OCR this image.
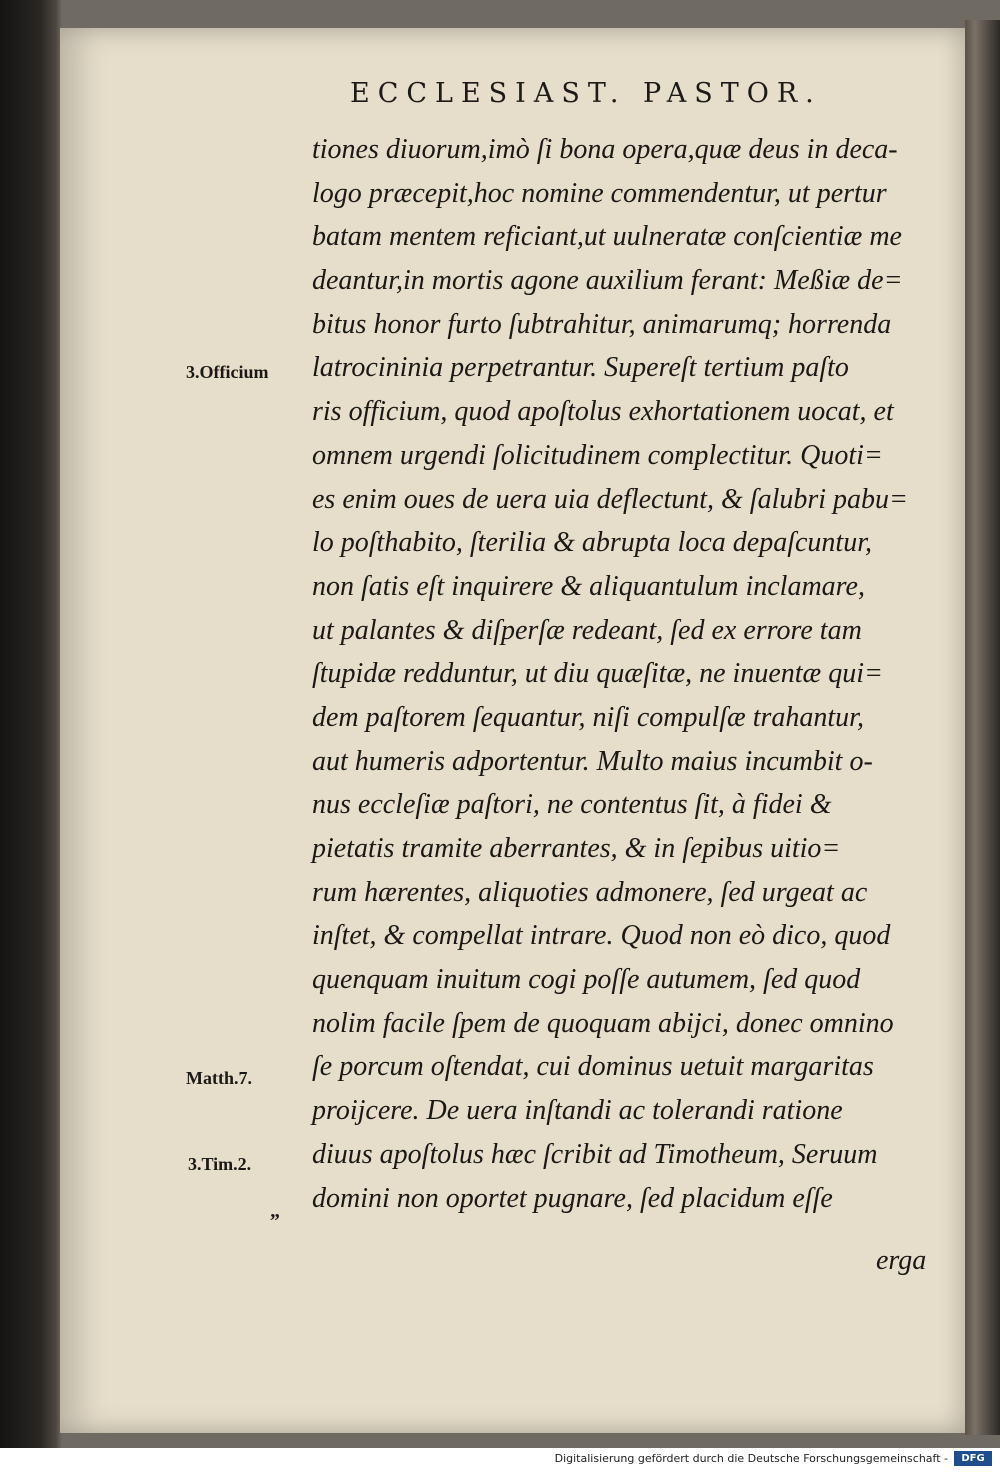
ECCLESIAST. PASTOR.
tiones diuorum,imò ſi bona opera,quæ deus in deca-
logo præcepit,hoc nomine commendentur, ut pertur
batam mentem reficiant,ut uulneratæ conſcientiæ me
deantur,in mortis agone auxilium ferant: Meßiæ de=
bitus honor furto ſubtrahitur, animarumq; horrenda
latrocininia perpetrantur. Supereſt tertium paſto
ris officium, quod apoſtolus exhortationem uocat, et
omnem urgendi ſolicitudinem complectitur. Quoti=
es enim oues de uera uia deflectunt, & ſalubri pabu=
lo poſthabito, ſterilia & abrupta loca depaſcuntur,
non ſatis eſt inquirere & aliquantulum inclamare,
ut palantes & diſperſæ redeant, ſed ex errore tam
ſtupidæ redduntur, ut diu quæſitæ, ne inuentæ qui=
dem paſtorem ſequantur, niſi compulſæ trahantur,
aut humeris adportentur. Multo maius incumbit o-
nus eccleſiæ paſtori, ne contentus ſit, à fidei &
pietatis tramite aberrantes, & in ſepibus uitio=
rum hærentes, aliquoties admonere, ſed urgeat ac
inſtet, & compellat intrare. Quod non eò dico, quod
quenquam inuitum cogi poſſe autumem, ſed quod
nolim facile ſpem de quoquam abijci, donec omnino
ſe porcum oſtendat, cui dominus uetuit margaritas
proijcere. De uera inſtandi ac tolerandi ratione
diuus apoſtolus hæc ſcribit ad Timotheum, Seruum
domini non oportet pugnare, ſed placidum eſſe
3.Officium
Matth.7.
3.Tim.2.
„
erga
Digitalisierung gefördert durch die Deutsche Forschungsgemeinschaft -	DFG
